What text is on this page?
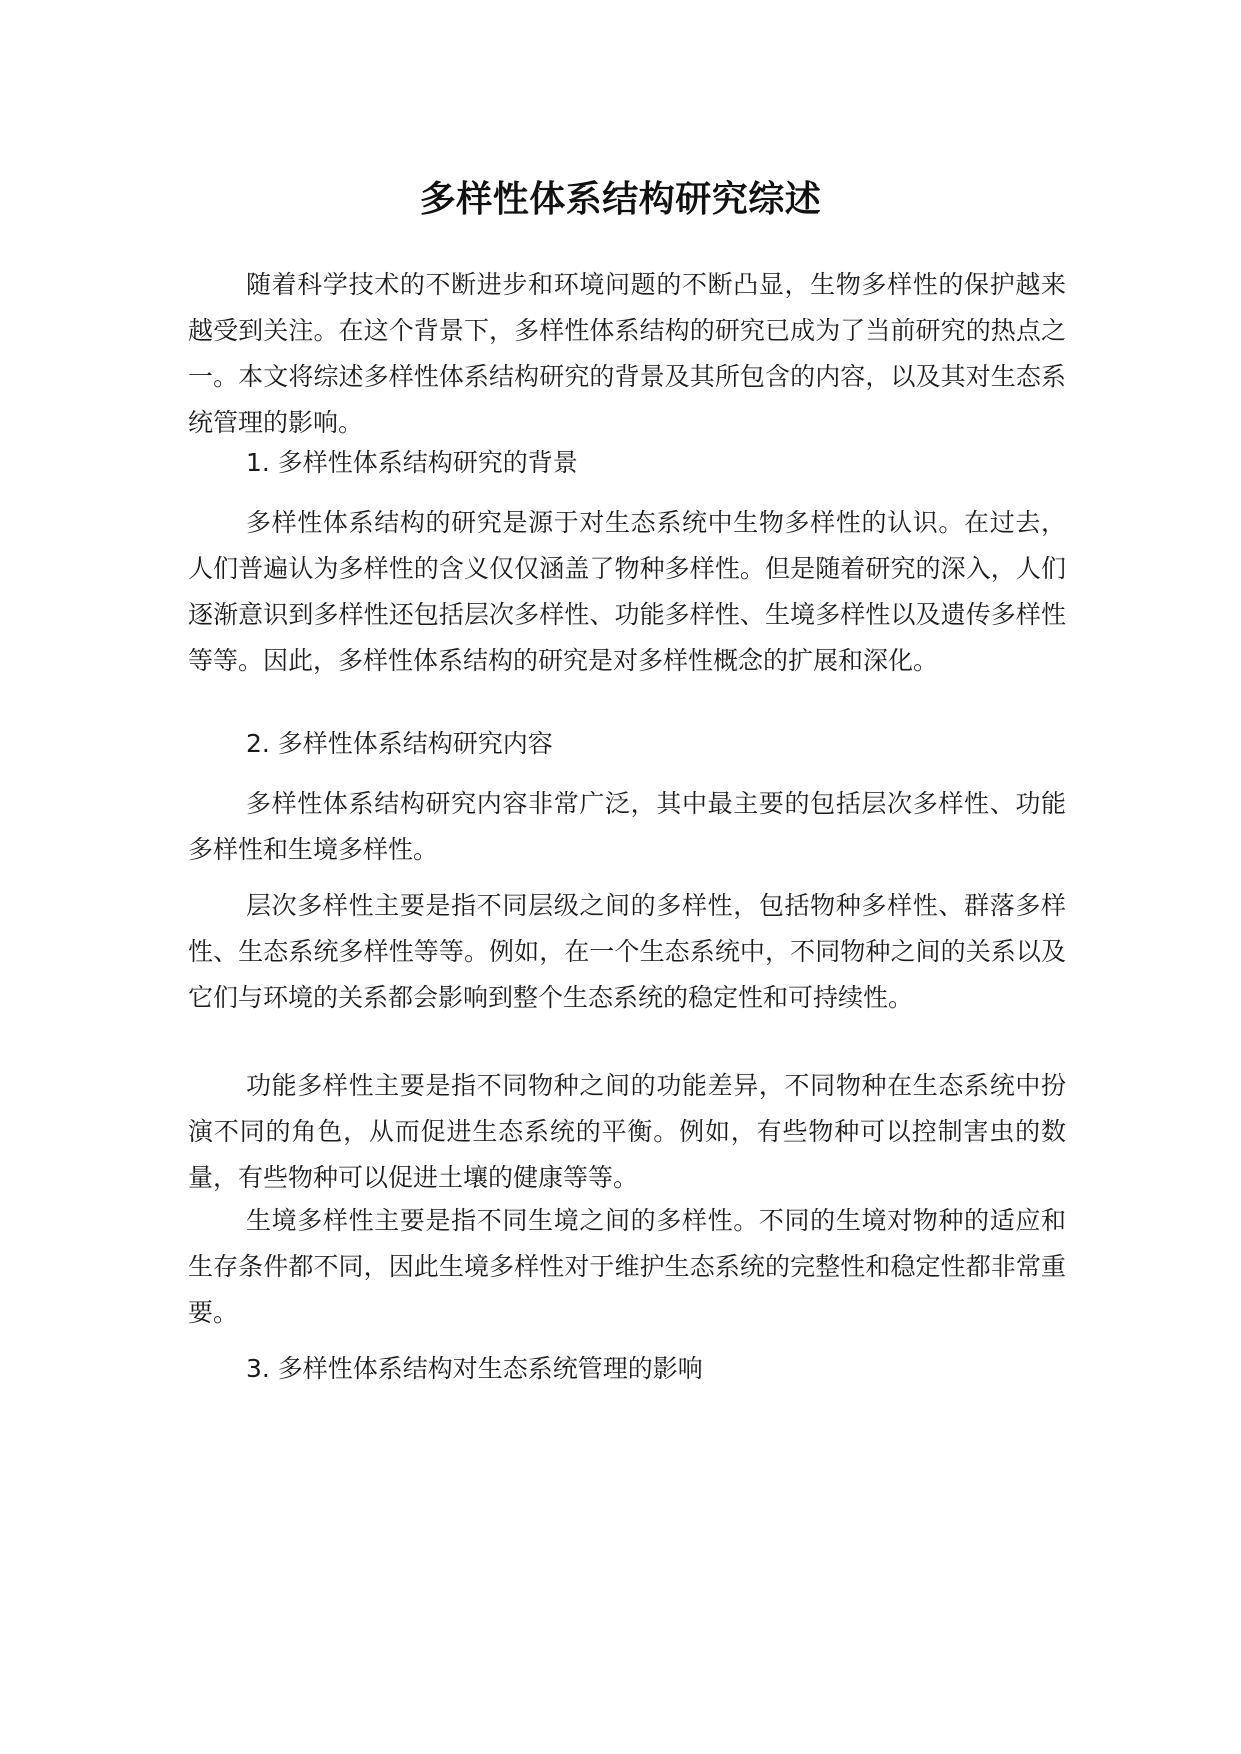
多样性体系结构研究综述

随着科学技术的不断进步和环境问题的不断凸显，生物多样性的保护越来越受到关注。在这个背景下，多样性体系结构的研究已成为了当前研究的热点之一。本文将综述多样性体系结构研究的背景及其所包含的内容，以及其对生态系统管理的影响。

1. 多样性体系结构研究的背景

多样性体系结构的研究是源于对生态系统中生物多样性的认识。在过去，人们普遍认为多样性的含义仅仅涵盖了物种多样性。但是随着研究的深入，人们逐渐意识到多样性还包括层次多样性、功能多样性、生境多样性以及遗传多样性等等。因此，多样性体系结构的研究是对多样性概念的扩展和深化。

2. 多样性体系结构研究内容

多样性体系结构研究内容非常广泛，其中最主要的包括层次多样性、功能多样性和生境多样性。

层次多样性主要是指不同层级之间的多样性，包括物种多样性、群落多样性、生态系统多样性等等。例如，在一个生态系统中，不同物种之间的关系以及它们与环境的关系都会影响到整个生态系统的稳定性和可持续性。

功能多样性主要是指不同物种之间的功能差异，不同物种在生态系统中扮演不同的角色，从而促进生态系统的平衡。例如，有些物种可以控制害虫的数量，有些物种可以促进土壤的健康等等。

生境多样性主要是指不同生境之间的多样性。不同的生境对物种的适应和生存条件都不同，因此生境多样性对于维护生态系统的完整性和稳定性都非常重要。

3. 多样性体系结构对生态系统管理的影响
